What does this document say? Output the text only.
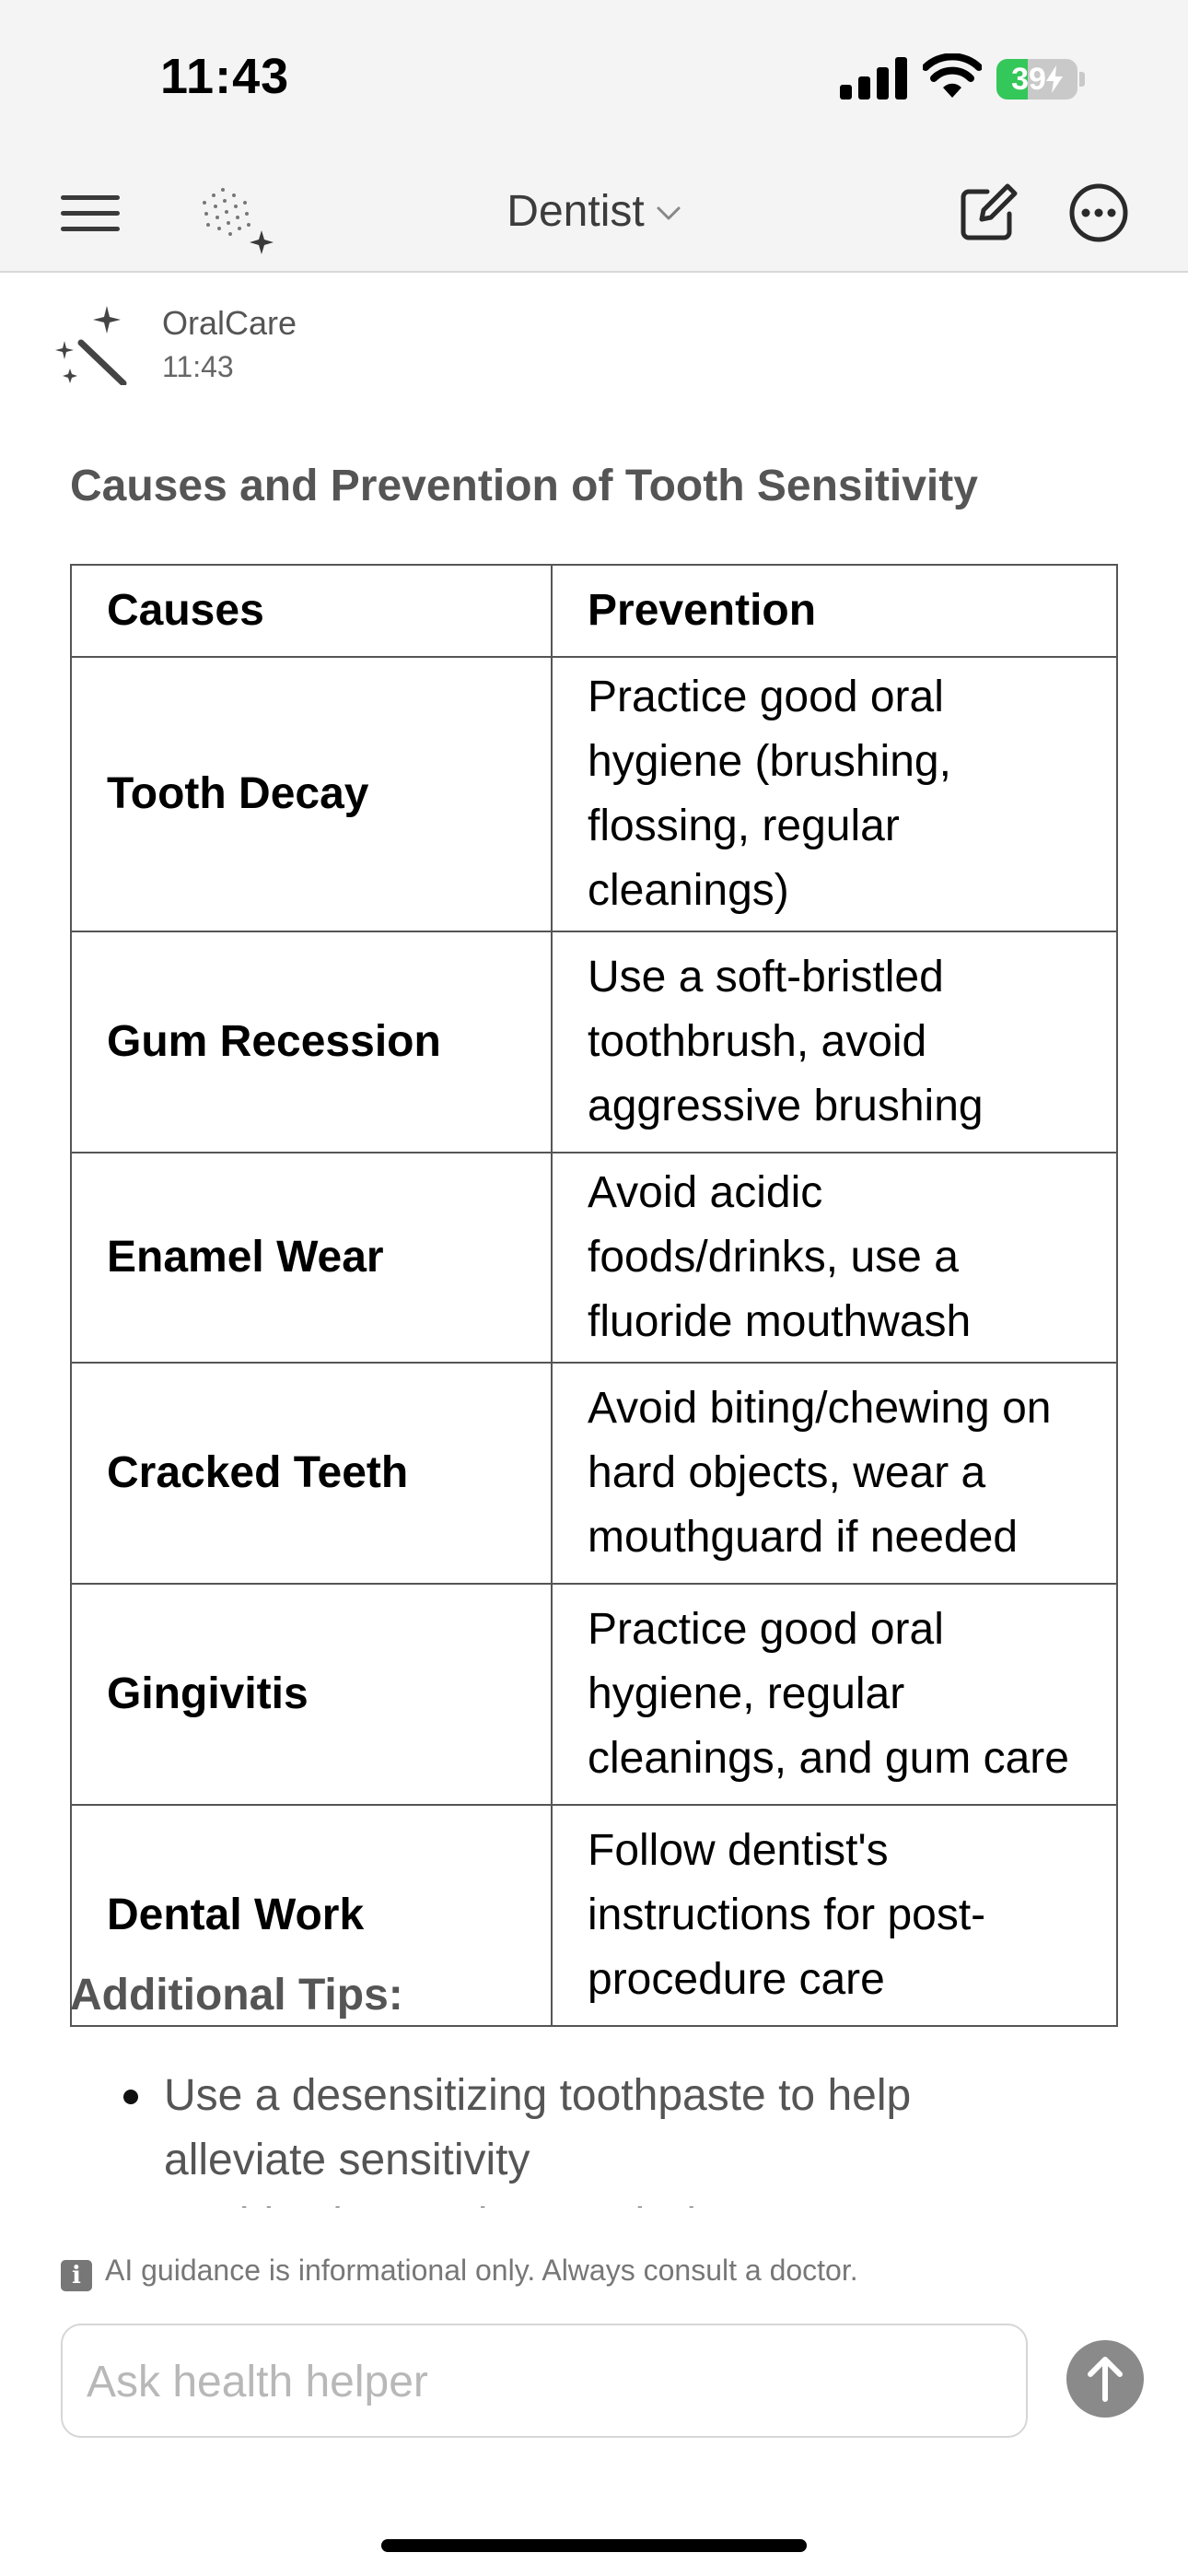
11:43	39
Dentist
OralCare
11:43
Causes and Prevention of Tooth Sensitivity
Causes	Prevention
Tooth Decay	Practice good oral hygiene (brushing, flossing, regular cleanings)
Gum Recession	Use a soft-bristled toothbrush, avoid aggressive brushing
Enamel Wear	Avoid acidic foods/drinks, use a fluoride mouthwash
Cracked Teeth	Avoid biting/chewing on hard objects, wear a mouthguard if needed
Gingivitis	Practice good oral hygiene, regular cleanings, and gum care
Dental Work	Follow dentist's instructions for post-procedure care
Additional Tips:
Use a desensitizing toothpaste to help alleviate sensitivity
i AI guidance is informational only. Always consult a doctor.
Ask health helper
